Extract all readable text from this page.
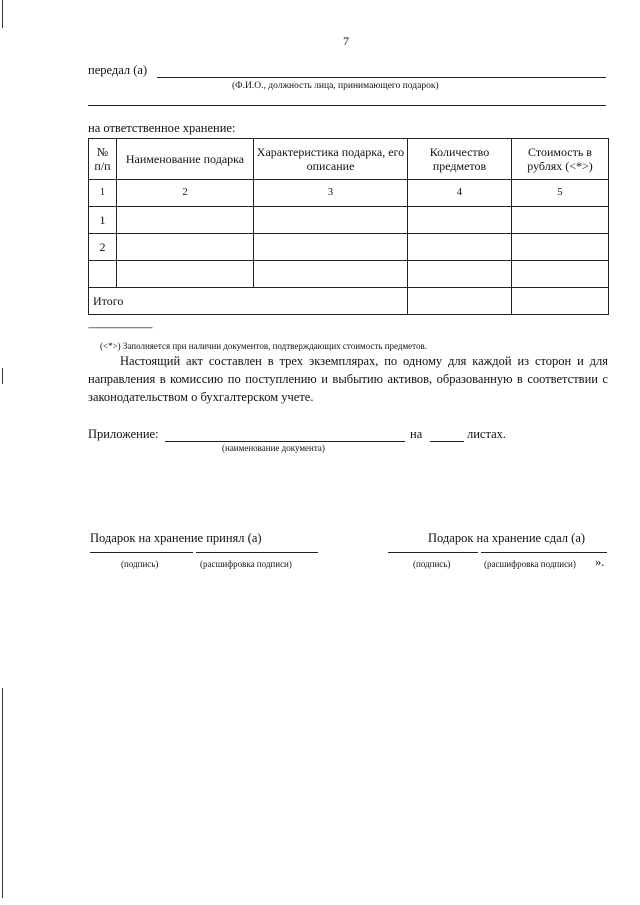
7
передал (а)
(Ф.И.О., должность лица, принимающего подарок)
на ответственное хранение:
№ п/п	Наименование подарка	Характеристика подарка, его описание	Количество предметов	Стоимость в рублях (<*>)
1	2	3	4	5
1				
2				

Итого				
--------------------------------
(<*>) Заполняется при наличии документов, подтверждающих стоимость предметов.
Настоящий акт составлен в трех экземплярах, по одному для каждой из сторон и для направления в комиссию по поступлению и выбытию активов, образованную в соответствии с законодательством о бухгалтерском учете.
Приложение:	на	листах.
(наименование документа)
Подарок на хранение принял (а)	Подарок на хранение сдал (а)
(подпись)	(расшифровка подписи)	(подпись)	(расшифровка подписи) ».
